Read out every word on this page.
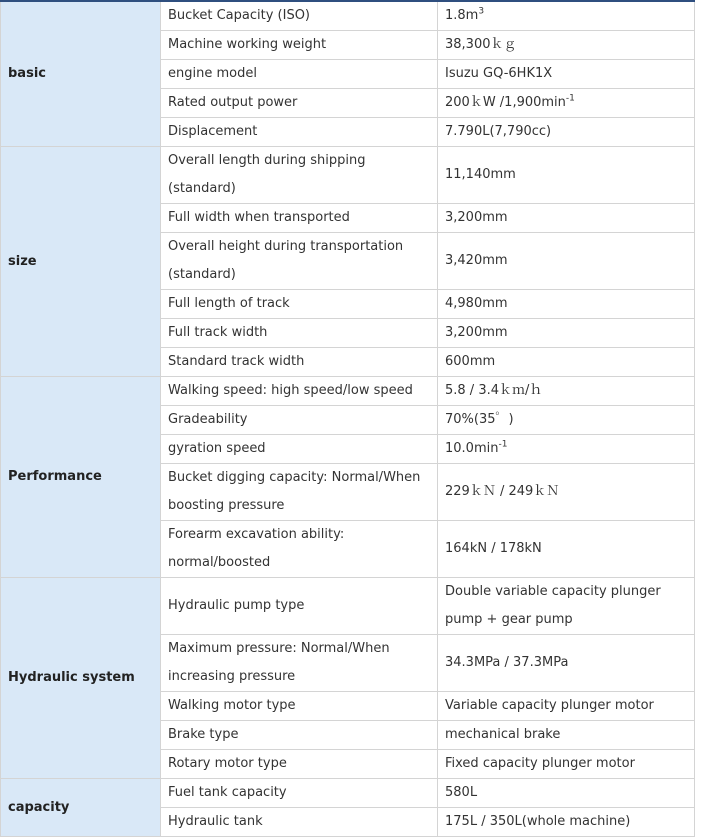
basic	Bucket Capacity (ISO)	$1.8m^3$
	Machine working weight	38,300ｋｇ
	engine model	Isuzu GQ-6HK1X
	Rated output power	200ｋW $/1,900\min^{-1}$
	Displacement	7.790L(7,790cc)
size	Overall length during shipping (standard)	11,140mm
	Full width when transported	3,200mm
	Overall height during transportation (standard)	3,420mm
	Full length of track	4,980mm
	Full track width	3,200mm
	Standard track width	600mm
Performance	Walking speed: high speed/low speed	5.8 / 3.4ｋｍ/ｈ
	Gradeability	70%(35゜)
	gyration speed	$10.0\min^{-1}$
	Bucket digging capacity: Normal/When boosting pressure	229ｋＮ / 249ｋＮ
	Forearm excavation ability: normal/boosted	164kN / 178kN
Hydraulic system	Hydraulic pump type	Double variable capacity plunger pump + gear pump
	Maximum pressure: Normal/When increasing pressure	34.3MPa / 37.3MPa
	Walking motor type	Variable capacity plunger motor
	Brake type	mechanical brake
	Rotary motor type	Fixed capacity plunger motor
capacity	Fuel tank capacity	580L
	Hydraulic tank	175L / 350L(whole machine)
